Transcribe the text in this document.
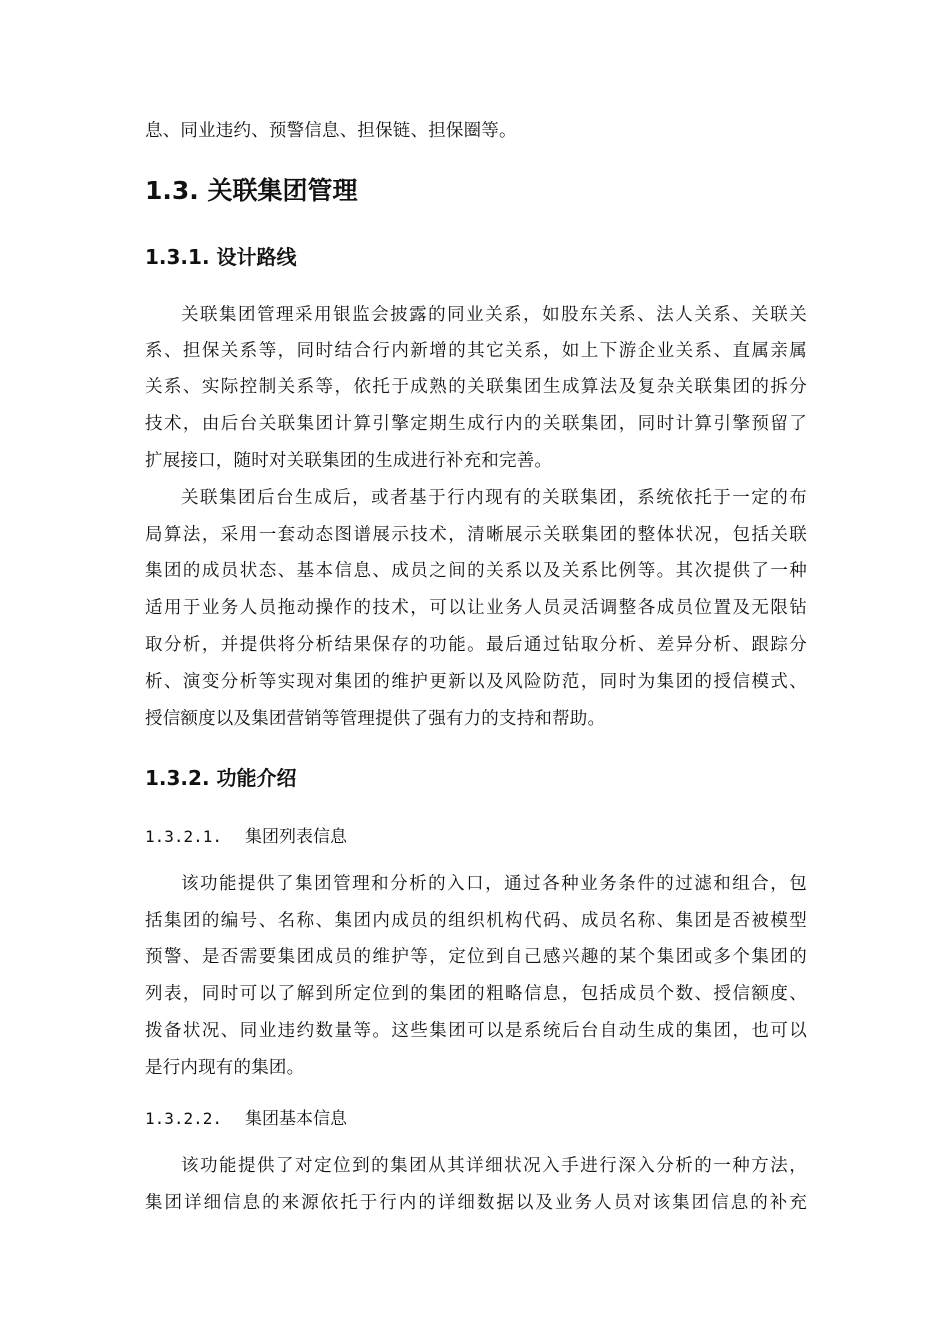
息、同业违约、预警信息、担保链、担保圈等。
1.3. 关联集团管理
1.3.1. 设计路线
关联集团管理采用银监会披露的同业关系，如股东关系、法人关系、关联关
系、担保关系等，同时结合行内新增的其它关系，如上下游企业关系、直属亲属
关系、实际控制关系等，依托于成熟的关联集团生成算法及复杂关联集团的拆分
技术，由后台关联集团计算引擎定期生成行内的关联集团，同时计算引擎预留了
扩展接口，随时对关联集团的生成进行补充和完善。
关联集团后台生成后，或者基于行内现有的关联集团，系统依托于一定的布
局算法，采用一套动态图谱展示技术，清晰展示关联集团的整体状况，包括关联
集团的成员状态、基本信息、成员之间的关系以及关系比例等。其次提供了一种
适用于业务人员拖动操作的技术，可以让业务人员灵活调整各成员位置及无限钻
取分析，并提供将分析结果保存的功能。最后通过钻取分析、差异分析、跟踪分
析、演变分析等实现对集团的维护更新以及风险防范，同时为集团的授信模式、
授信额度以及集团营销等管理提供了强有力的支持和帮助。
1.3.2. 功能介绍
1.3.2.1. 集团列表信息
该功能提供了集团管理和分析的入口，通过各种业务条件的过滤和组合，包
括集团的编号、名称、集团内成员的组织机构代码、成员名称、集团是否被模型
预警、是否需要集团成员的维护等，定位到自己感兴趣的某个集团或多个集团的
列表，同时可以了解到所定位到的集团的粗略信息，包括成员个数、授信额度、
拨备状况、同业违约数量等。这些集团可以是系统后台自动生成的集团，也可以
是行内现有的集团。
1.3.2.2. 集团基本信息
该功能提供了对定位到的集团从其详细状况入手进行深入分析的一种方法，
集团详细信息的来源依托于行内的详细数据以及业务人员对该集团信息的补充
